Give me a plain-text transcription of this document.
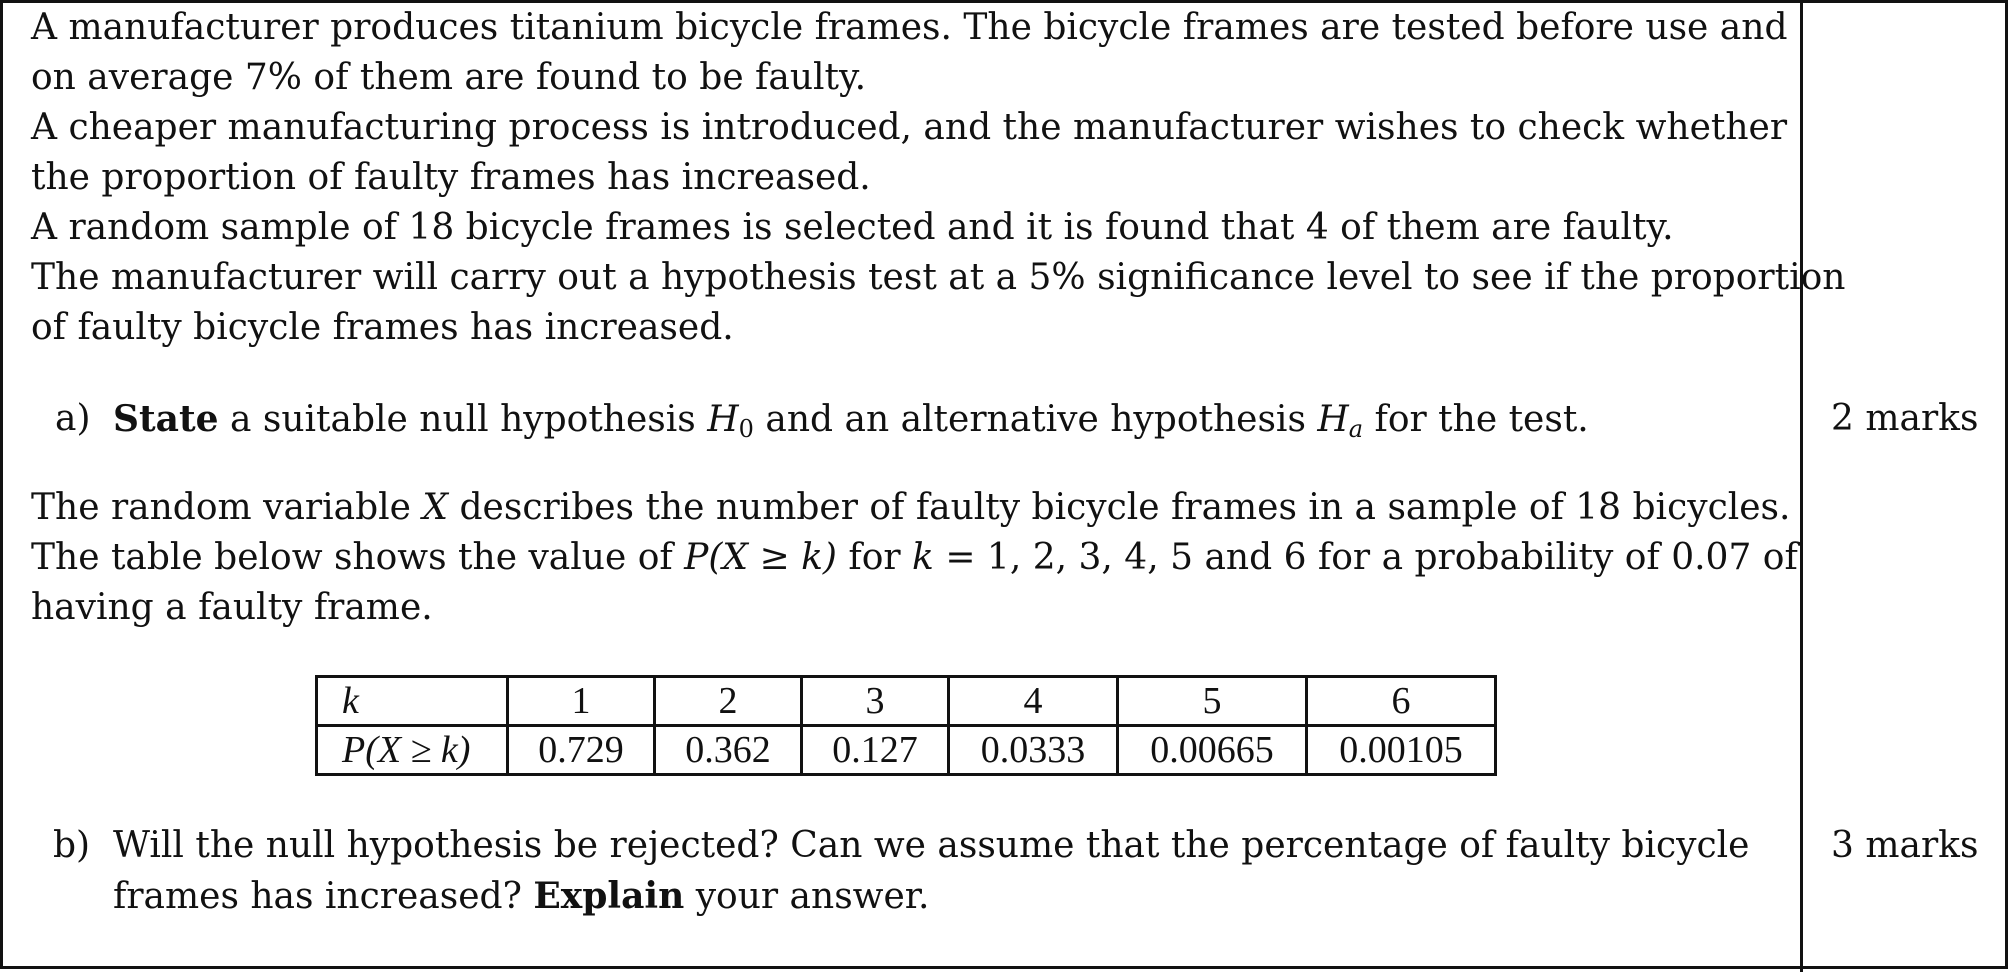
A manufacturer produces titanium bicycle frames. The bicycle frames are tested before use and
on average 7% of them are found to be faulty.
A cheaper manufacturing process is introduced, and the manufacturer wishes to check whether
the proportion of faulty frames has increased.
A random sample of 18 bicycle frames is selected and it is found that 4 of them are faulty.
The manufacturer will carry out a hypothesis test at a 5% significance level to see if the proportion
of faulty bicycle frames has increased.
a) State a suitable null hypothesis $H_0$ and an alternative hypothesis $H_a$ for the test.	2 marks
The random variable X describes the number of faulty bicycle frames in a sample of 18 bicycles.
The table below shows the value of P(X ≥ k) for k = 1, 2, 3, 4, 5 and 6 for a probability of 0.07 of
having a faulty frame.
k	1	2	3	4	5	6
P(X ≥ k)	0.729	0.362	0.127	0.0333	0.00665	0.00105
b) Will the null hypothesis be rejected? Can we assume that the percentage of faulty bicycle
frames has increased? Explain your answer.
3 marks
